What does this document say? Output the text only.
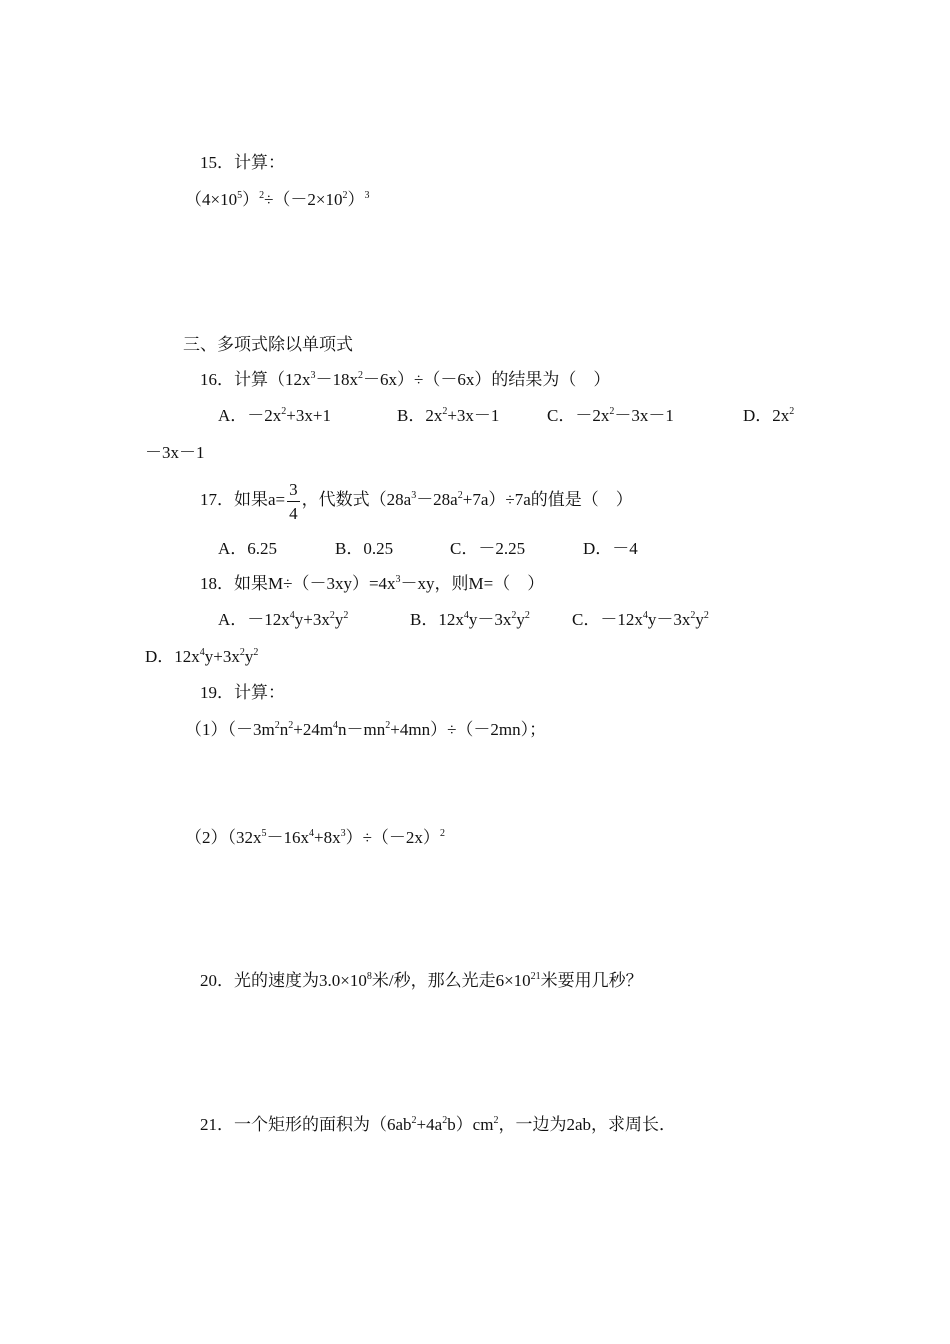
15．计算：
$(4\times 10^5)^2\div(-2\times 10^2)^3$
三、多项式除以单项式
16．计算$(12x^3-18x^2-6x)\div(-6x)$的结果为（　）
A．$-2x^2+3x+1$	B．$2x^2+3x-1$	C．$-2x^2-3x-1$	D．$2x^2$
－3x－1
17．如果$a= \frac{3}{4}$ ，代数式$(28a^3-28a^2+7a)\div 7a$的值是（　）
A．6.25	B．0.25	C．－2.25	D．－4
18．如果$M\div(-3xy)=4x^3-xy$，则M=（　）
A．$-12x^4y+3x^2y^2$	B．$12x^4y-3x^2y^2$ C．$-12x^4y-3x^2y^2$
D．$12x^4y+3x^2y^2$
19．计算：
$(1)(-3m^2n^2+24m^4n-mn^2+4mn)\div(-2mn)$；
$(2)(32x^5-16x^4+8x^3)\div(-2x)^2$
20．光的速度为$3.0\times 10^8$米/秒，那么光走$6\times 10^{21}$米要用几秒？
21．一个矩形的面积为$(6ab^2+4a^2b)cm^2$，一边为2ab，求周长．
